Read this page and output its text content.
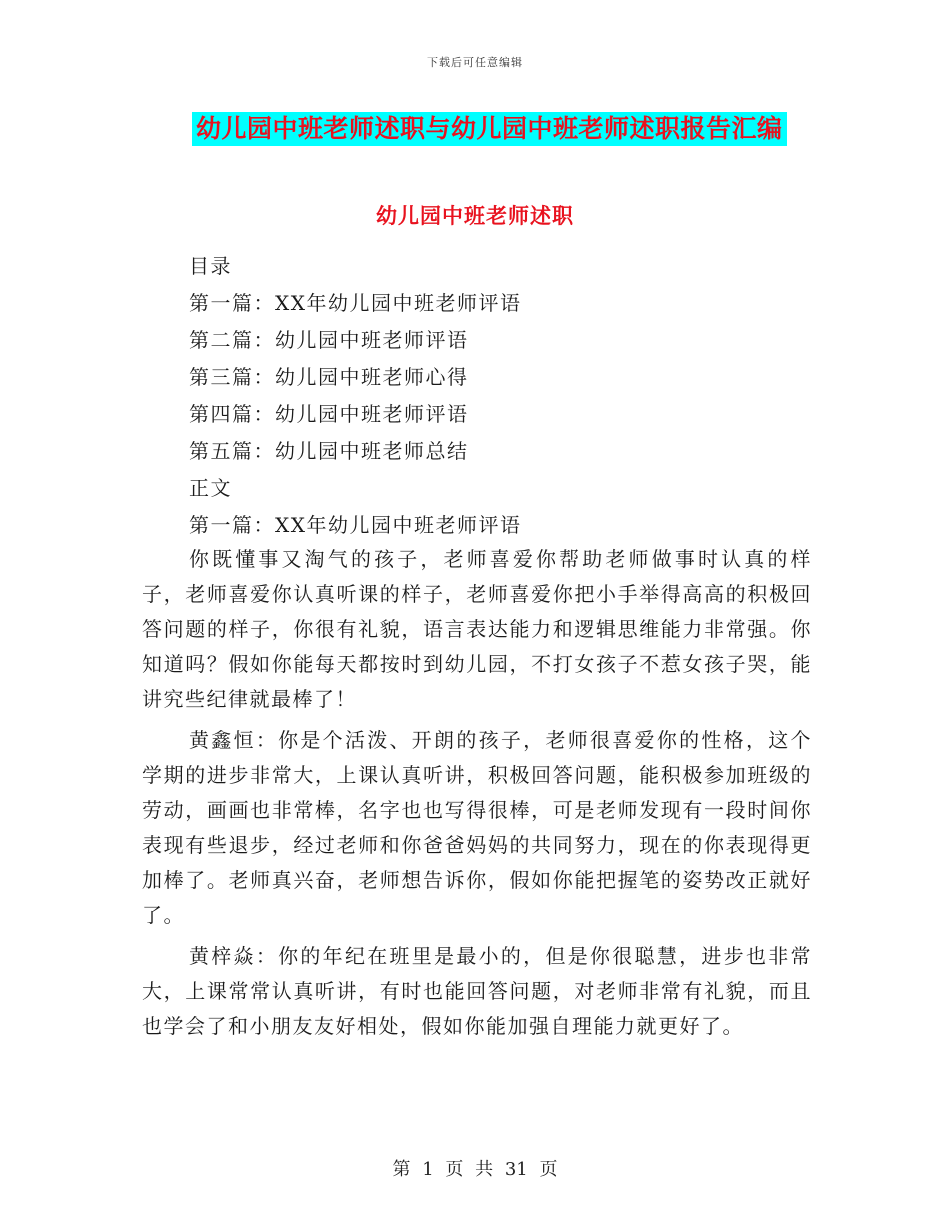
下载后可任意编辑
幼儿园中班老师述职与幼儿园中班老师述职报告汇编
幼儿园中班老师述职
目录
第一篇：XX年幼儿园中班老师评语
第二篇：幼儿园中班老师评语
第三篇：幼儿园中班老师心得
第四篇：幼儿园中班老师评语
第五篇：幼儿园中班老师总结
正文
第一篇：XX年幼儿园中班老师评语

你既懂事又淘气的孩子，老师喜爱你帮助老师做事时认真的样子，老师喜爱你认真听课的样子，老师喜爱你把小手举得高高的积极回答问题的样子，你很有礼貌，语言表达能力和逻辑思维能力非常强。你知道吗？假如你能每天都按时到幼儿园，不打女孩子不惹女孩子哭，能讲究些纪律就最棒了！

黄鑫恒：你是个活泼、开朗的孩子，老师很喜爱你的性格，这个学期的进步非常大，上课认真听讲，积极回答问题，能积极参加班级的劳动，画画也非常棒，名字也也写得很棒，可是老师发现有一段时间你表现有些退步，经过老师和你爸爸妈妈的共同努力，现在的你表现得更加棒了。老师真兴奋，老师想告诉你，假如你能把握笔的姿势改正就好了。

黄梓焱：你的年纪在班里是最小的，但是你很聪慧，进步也非常大，上课常常认真听讲，有时也能回答问题，对老师非常有礼貌，而且也学会了和小朋友友好相处，假如你能加强自理能力就更好了。

第 1 页 共 31 页
